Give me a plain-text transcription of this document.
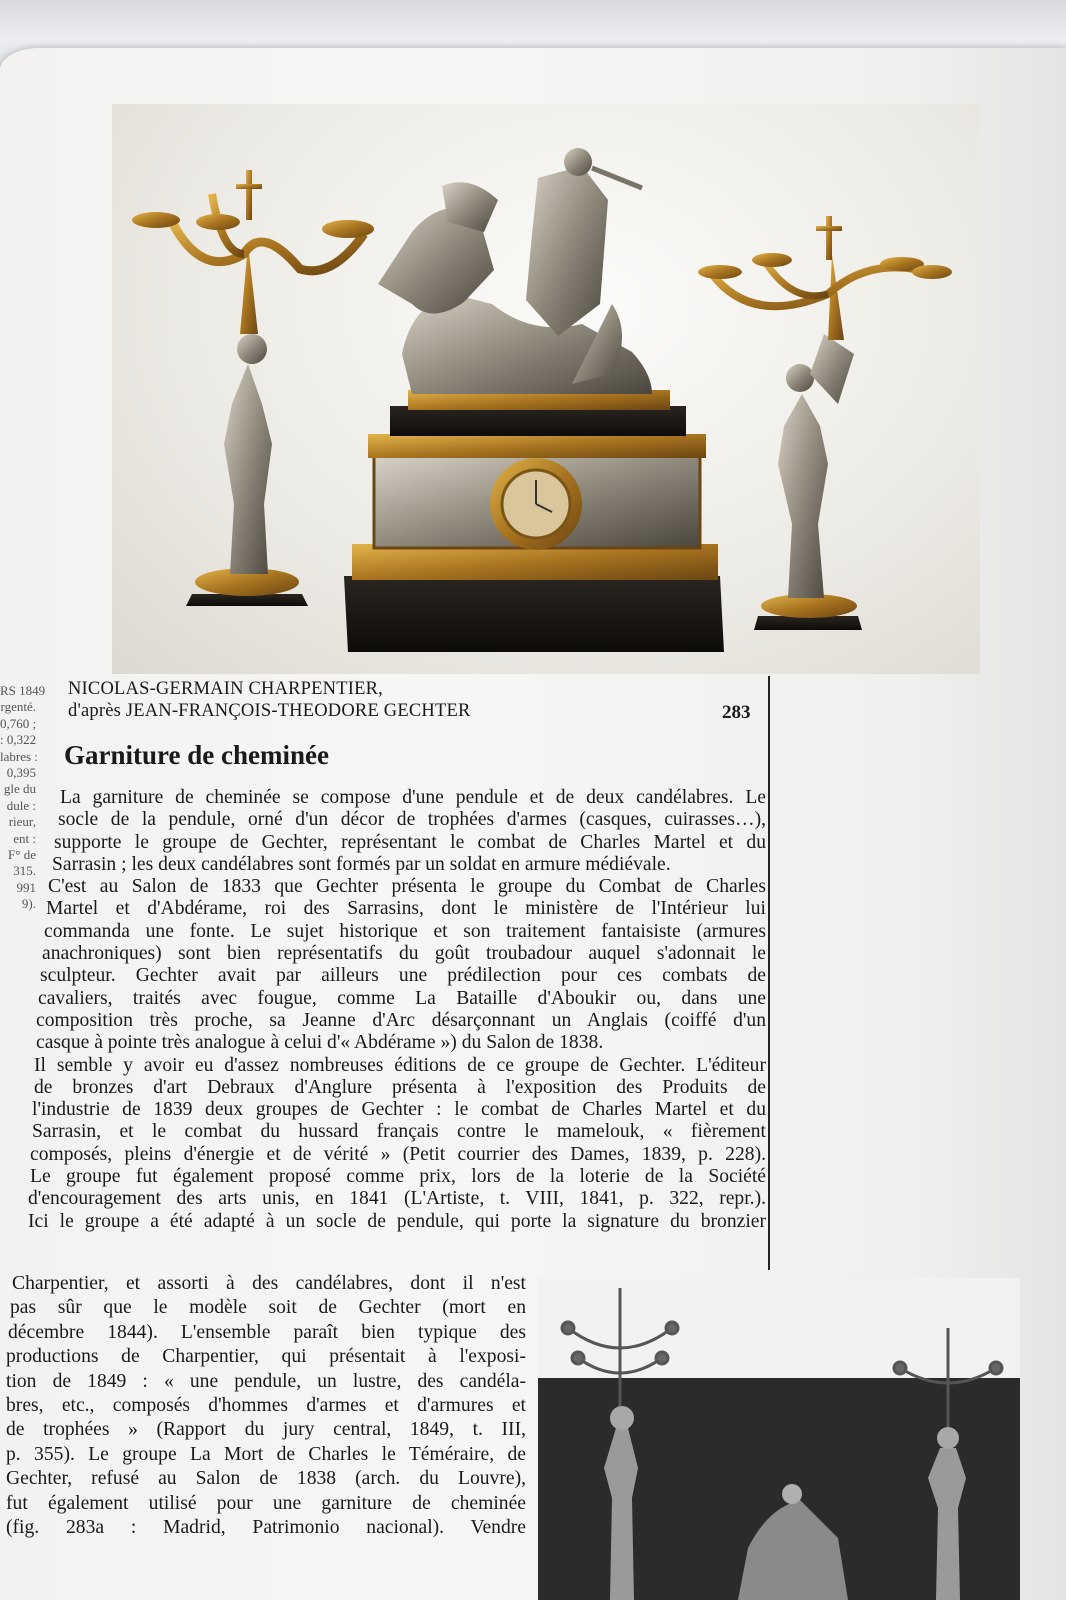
RS 1849
rgenté.
0,760 ;
: 0,322
labres :
0,395
gle du
dule :
rieur,
ent :
F° de
315.
991
9).
NICOLAS-GERMAIN CHARPENTIER,
d'après JEAN-FRANÇOIS-THEODORE GECHTER	283
Garniture de cheminée
La garniture de cheminée se compose d'une pendule et de deux candélabres. Le
socle de la pendule, orné d'un décor de trophées d'armes (casques, cuirasses…),
supporte le groupe de Gechter, représentant le combat de Charles Martel et du
Sarrasin ; les deux candélabres sont formés par un soldat en armure médiévale.
C'est au Salon de 1833 que Gechter présenta le groupe du Combat de Charles
Martel et d'Abdérame, roi des Sarrasins, dont le ministère de l'Intérieur lui
commanda une fonte. Le sujet historique et son traitement fantaisiste (armures
anachroniques) sont bien représentatifs du goût troubadour auquel s'adonnait le
sculpteur. Gechter avait par ailleurs une prédilection pour ces combats de
cavaliers, traités avec fougue, comme La Bataille d'Aboukir ou, dans une
composition très proche, sa Jeanne d'Arc désarçonnant un Anglais (coiffé d'un
casque à pointe très analogue à celui d'« Abdérame ») du Salon de 1838.
Il semble y avoir eu d'assez nombreuses éditions de ce groupe de Gechter. L'éditeur
de bronzes d'art Debraux d'Anglure présenta à l'exposition des Produits de
l'industrie de 1839 deux groupes de Gechter : le combat de Charles Martel et du
Sarrasin, et le combat du hussard français contre le mamelouk, « fièrement
composés, pleins d'énergie et de vérité » (Petit courrier des Dames, 1839, p. 228).
Le groupe fut également proposé comme prix, lors de la loterie de la Société
d'encouragement des arts unis, en 1841 (L'Artiste, t. VIII, 1841, p. 322, repr.).
Ici le groupe a été adapté à un socle de pendule, qui porte la signature du bronzier
Charpentier, et assorti à des candélabres, dont il n'est
pas sûr que le modèle soit de Gechter (mort en
décembre 1844). L'ensemble paraît bien typique des
productions de Charpentier, qui présentait à l'exposi-
tion de 1849 : « une pendule, un lustre, des candéla-
bres, etc., composés d'hommes d'armes et d'armures et
de trophées » (Rapport du jury central, 1849, t. III,
p. 355). Le groupe La Mort de Charles le Téméraire, de
Gechter, refusé au Salon de 1838 (arch. du Louvre),
fut également utilisé pour une garniture de cheminée
(fig. 283a : Madrid, Patrimonio nacional). Vendre
